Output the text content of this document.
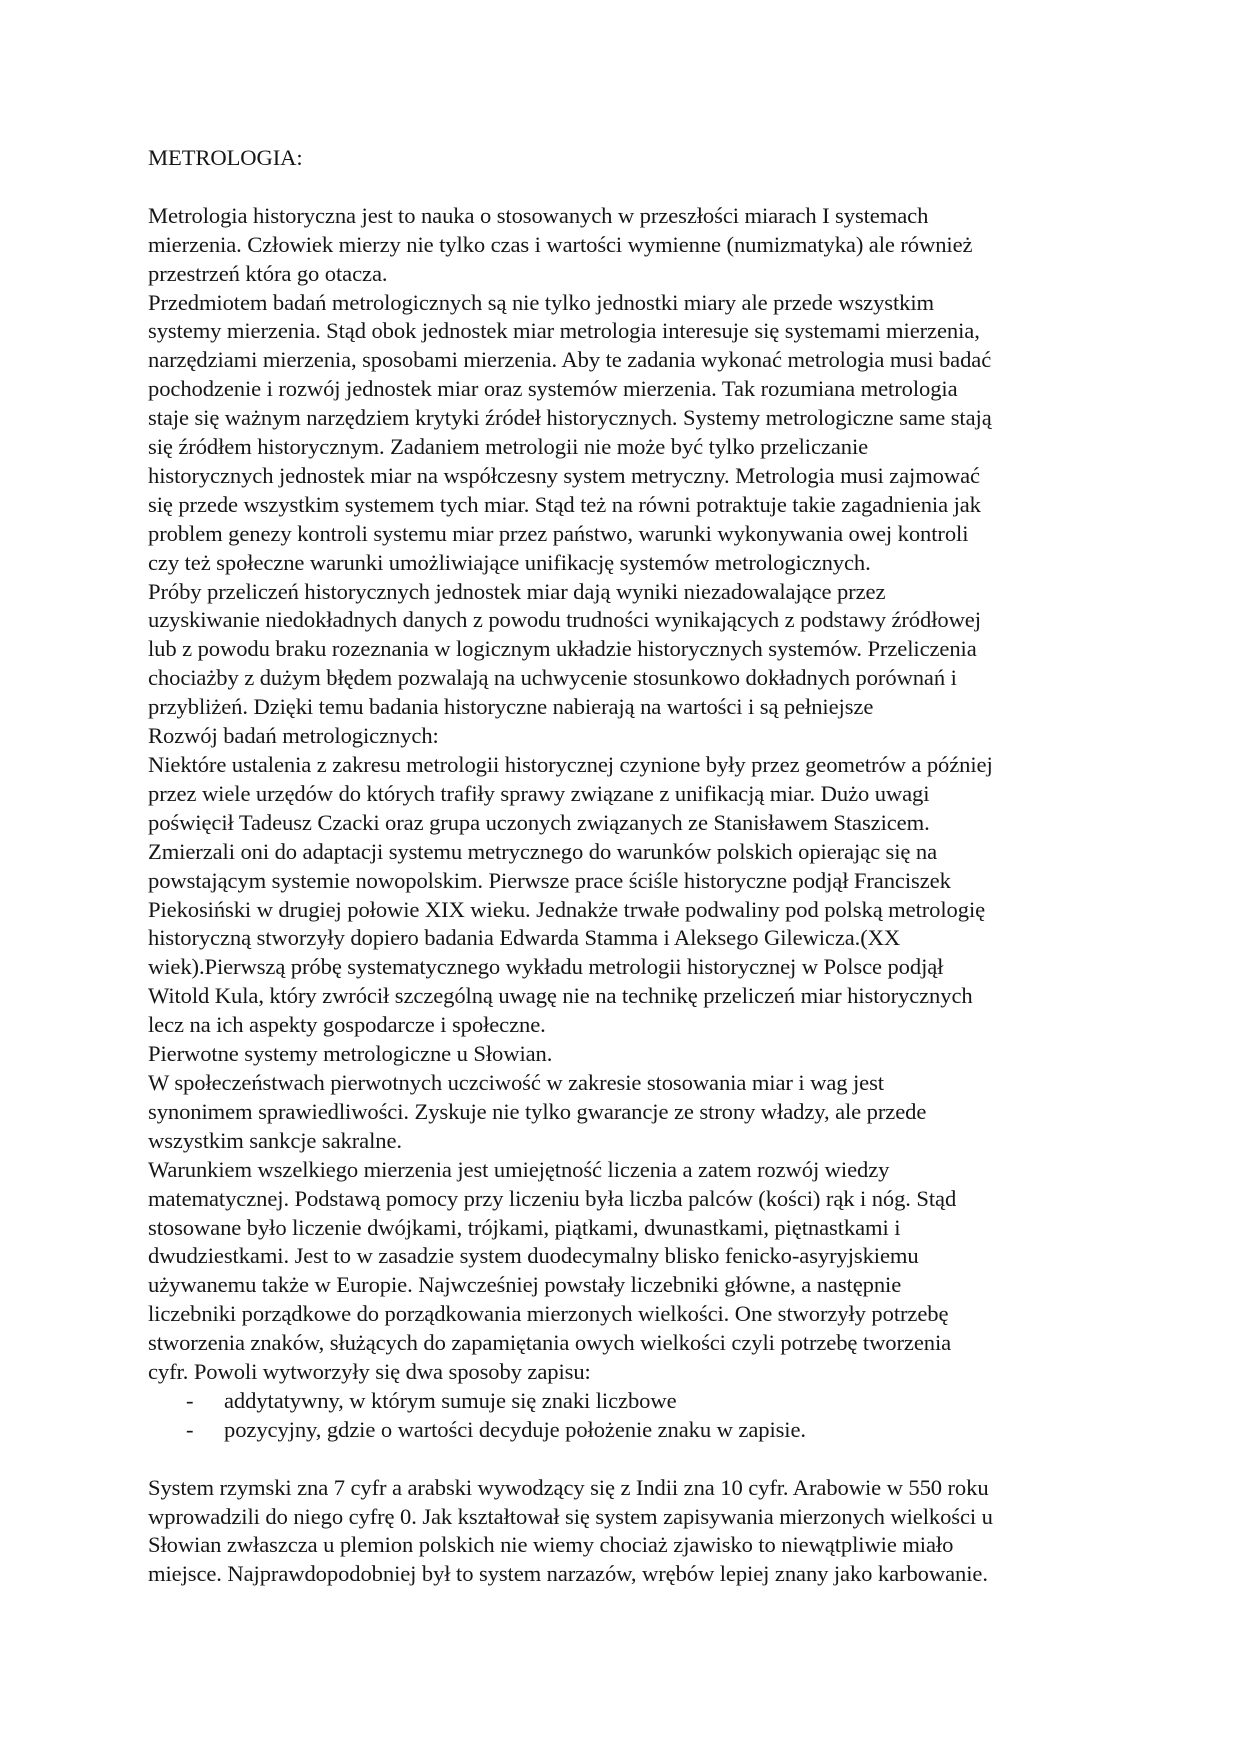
METROLOGIA:
Metrologia historyczna jest to nauka o stosowanych w przeszłości miarach I systemach
mierzenia. Człowiek mierzy nie tylko czas i wartości wymienne (numizmatyka) ale również
przestrzeń która go otacza.
Przedmiotem badań metrologicznych są nie tylko jednostki miary ale przede wszystkim
systemy mierzenia. Stąd obok jednostek miar metrologia interesuje się systemami mierzenia,
narzędziami mierzenia, sposobami mierzenia. Aby te zadania wykonać metrologia musi badać
pochodzenie i rozwój jednostek miar oraz systemów mierzenia. Tak rozumiana metrologia
staje się ważnym narzędziem krytyki źródeł historycznych. Systemy metrologiczne same stają
się źródłem historycznym. Zadaniem metrologii nie może być tylko przeliczanie
historycznych jednostek miar na współczesny system metryczny. Metrologia musi zajmować
się przede wszystkim systemem tych miar. Stąd też na równi potraktuje takie zagadnienia jak
problem genezy kontroli systemu miar przez państwo, warunki wykonywania owej kontroli
czy też społeczne warunki umożliwiające unifikację systemów metrologicznych.
Próby przeliczeń historycznych jednostek miar dają wyniki niezadowalające przez
uzyskiwanie niedokładnych danych z powodu trudności wynikających z podstawy źródłowej
lub z powodu braku rozeznania w logicznym układzie historycznych systemów. Przeliczenia
chociażby z dużym błędem pozwalają na uchwycenie stosunkowo dokładnych porównań i
przybliżeń. Dzięki temu badania historyczne nabierają na wartości i są pełniejsze
Rozwój badań metrologicznych:
Niektóre ustalenia z zakresu metrologii historycznej czynione były przez geometrów a później
przez wiele urzędów do których trafiły sprawy związane z unifikacją miar. Dużo uwagi
poświęcił Tadeusz Czacki oraz grupa uczonych związanych ze Stanisławem Staszicem.
Zmierzali oni do adaptacji systemu metrycznego do warunków polskich opierając się na
powstającym systemie nowopolskim. Pierwsze prace ściśle historyczne podjął Franciszek
Piekosiński w drugiej połowie XIX wieku. Jednakże trwałe podwaliny pod polską metrologię
historyczną stworzyły dopiero badania Edwarda Stamma i Aleksego Gilewicza.(XX
wiek).Pierwszą próbę systematycznego wykładu metrologii historycznej w Polsce podjął
Witold Kula, który zwrócił szczególną uwagę nie na technikę przeliczeń miar historycznych
lecz na ich aspekty gospodarcze i społeczne.
Pierwotne systemy metrologiczne u Słowian.
W społeczeństwach pierwotnych uczciwość w zakresie stosowania miar i wag jest
synonimem sprawiedliwości. Zyskuje nie tylko gwarancje ze strony władzy, ale przede
wszystkim sankcje sakralne.
Warunkiem wszelkiego mierzenia jest umiejętność liczenia a zatem rozwój wiedzy
matematycznej. Podstawą pomocy przy liczeniu była liczba palców (kości) rąk i nóg. Stąd
stosowane było liczenie dwójkami, trójkami, piątkami, dwunastkami, piętnastkami i
dwudziestkami. Jest to w zasadzie system duodecymalny blisko fenicko-asyryjskiemu
używanemu także w Europie. Najwcześniej powstały liczebniki główne, a następnie
liczebniki porządkowe do porządkowania mierzonych wielkości. One stworzyły potrzebę
stworzenia znaków, służących do zapamiętania owych wielkości czyli potrzebę tworzenia
cyfr. Powoli wytworzyły się dwa sposoby zapisu:
- addytatywny, w którym sumuje się znaki liczbowe
- pozycyjny, gdzie o wartości decyduje położenie znaku w zapisie.
System rzymski zna 7 cyfr a arabski wywodzący się z Indii zna 10 cyfr. Arabowie w 550 roku
wprowadzili do niego cyfrę 0. Jak kształtował się system zapisywania mierzonych wielkości u
Słowian zwłaszcza u plemion polskich nie wiemy chociaż zjawisko to niewątpliwie miało
miejsce. Najprawdopodobniej był to system narzazów, wrębów lepiej znany jako karbowanie.
